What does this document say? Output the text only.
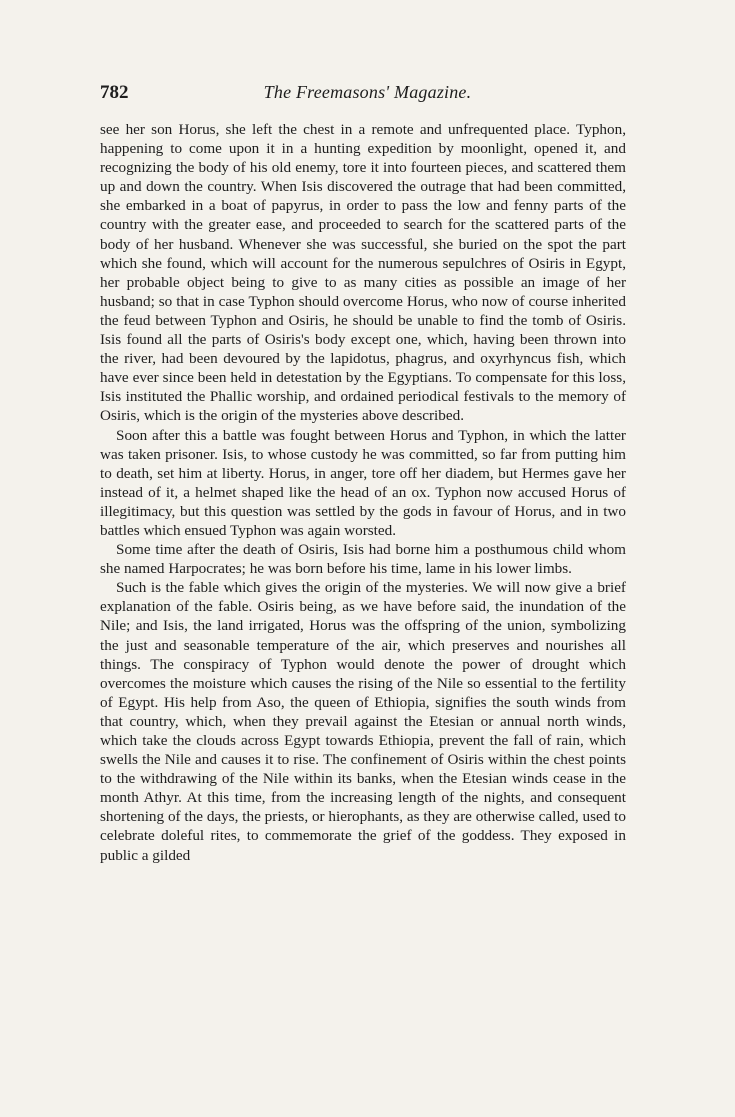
782	The Freemasons' Magazine.

see her son Horus, she left the chest in a remote and unfrequented place. Typhon, happening to come upon it in a hunting expedition by moonlight, opened it, and recognizing the body of his old enemy, tore it into fourteen pieces, and scattered them up and down the country. When Isis discovered the outrage that had been committed, she embarked in a boat of papyrus, in order to pass the low and fenny parts of the country with the greater ease, and proceeded to search for the scattered parts of the body of her husband. Whenever she was successful, she buried on the spot the part which she found, which will account for the numerous sepulchres of Osiris in Egypt, her probable object being to give to as many cities as possible an image of her husband; so that in case Typhon should overcome Horus, who now of course inherited the feud between Typhon and Osiris, he should be unable to find the tomb of Osiris. Isis found all the parts of Osiris's body except one, which, having been thrown into the river, had been devoured by the lapidotus, phagrus, and oxyrhyncus fish, which have ever since been held in detestation by the Egyptians. To compensate for this loss, Isis instituted the Phallic worship, and ordained periodical festivals to the memory of Osiris, which is the origin of the mysteries above described.

Soon after this a battle was fought between Horus and Typhon, in which the latter was taken prisoner. Isis, to whose custody he was committed, so far from putting him to death, set him at liberty. Horus, in anger, tore off her diadem, but Hermes gave her instead of it, a helmet shaped like the head of an ox. Typhon now accused Horus of illegitimacy, but this question was settled by the gods in favour of Horus, and in two battles which ensued Typhon was again worsted.

Some time after the death of Osiris, Isis had borne him a posthumous child whom she named Harpocrates; he was born before his time, lame in his lower limbs.

Such is the fable which gives the origin of the mysteries. We will now give a brief explanation of the fable. Osiris being, as we have before said, the inundation of the Nile; and Isis, the land irrigated, Horus was the offspring of the union, symbolizing the just and seasonable temperature of the air, which preserves and nourishes all things. The conspiracy of Typhon would denote the power of drought which overcomes the moisture which causes the rising of the Nile so essential to the fertility of Egypt. His help from Aso, the queen of Ethiopia, signifies the south winds from that country, which, when they prevail against the Etesian or annual north winds, which take the clouds across Egypt towards Ethiopia, prevent the fall of rain, which swells the Nile and causes it to rise. The confinement of Osiris within the chest points to the withdrawing of the Nile within its banks, when the Etesian winds cease in the month Athyr. At this time, from the increasing length of the nights, and consequent shortening of the days, the priests, or hierophants, as they are otherwise called, used to celebrate doleful rites, to commemorate the grief of the goddess. They exposed in public a gilded
